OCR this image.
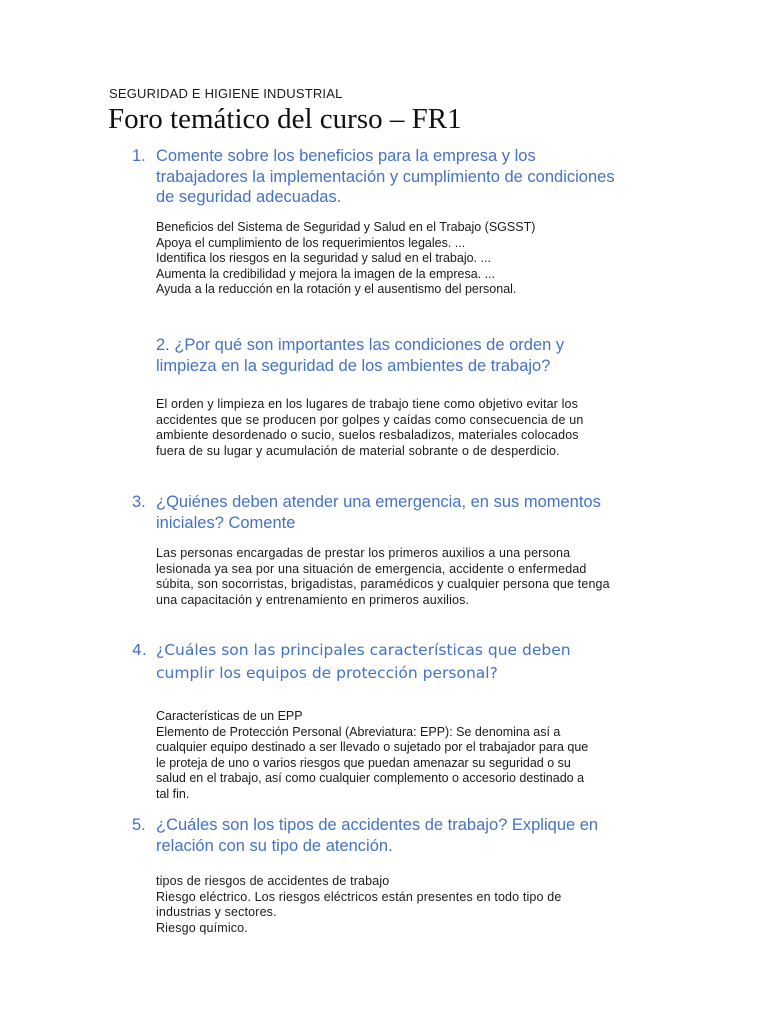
SEGURIDAD E HIGIENE INDUSTRIAL
Foro temático del curso – FR1
1. Comente sobre los beneficios para la empresa y los
trabajadores la implementación y cumplimiento de condiciones
de seguridad adecuadas.
Beneficios del Sistema de Seguridad y Salud en el Trabajo (SGSST)
Apoya el cumplimiento de los requerimientos legales. ...
Identifica los riesgos en la seguridad y salud en el trabajo. ...
Aumenta la credibilidad y mejora la imagen de la empresa. ...
Ayuda a la reducción en la rotación y el ausentismo del personal.
2. ¿Por qué son importantes las condiciones de orden y
limpieza en la seguridad de los ambientes de trabajo?
El orden y limpieza en los lugares de trabajo tiene como objetivo evitar los
accidentes que se producen por golpes y caídas como consecuencia de un
ambiente desordenado o sucio, suelos resbaladizos, materiales colocados
fuera de su lugar y acumulación de material sobrante o de desperdicio.
3. ¿Quiénes deben atender una emergencia, en sus momentos
iniciales? Comente
Las personas encargadas de prestar los primeros auxilios a una persona
lesionada ya sea por una situación de emergencia, accidente o enfermedad
súbita, son socorristas, brigadistas, paramédicos y cualquier persona que tenga
una capacitación y entrenamiento en primeros auxilios.
4. ¿Cuáles son las principales características que deben
cumplir los equipos de protección personal?
Características de un EPP
Elemento de Protección Personal (Abreviatura: EPP): Se denomina así a
cualquier equipo destinado a ser llevado o sujetado por el trabajador para que
le proteja de uno o varios riesgos que puedan amenazar su seguridad o su
salud en el trabajo, así como cualquier complemento o accesorio destinado a
tal fin.
5. ¿Cuáles son los tipos de accidentes de trabajo? Explique en
relación con su tipo de atención.
tipos de riesgos de accidentes de trabajo
Riesgo eléctrico. Los riesgos eléctricos están presentes en todo tipo de
industrias y sectores.
Riesgo químico.
